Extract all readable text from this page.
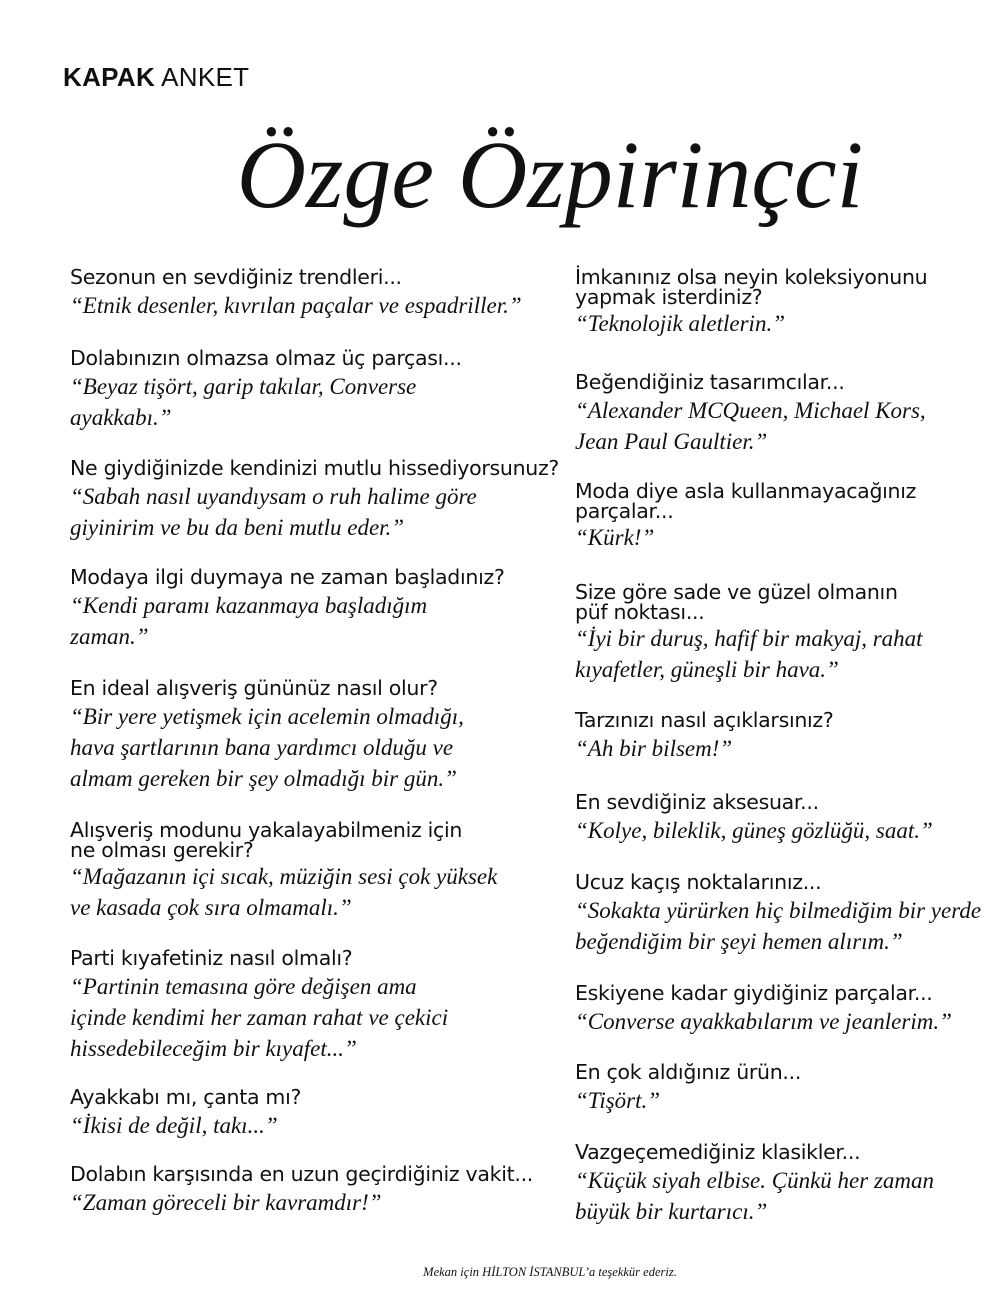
KAPAK ANKET
Özge Özpirinçci
Sezonun en sevdiğiniz trendleri...
“Etnik desenler, kıvrılan paçalar ve espadriller.”
Dolabınızın olmazsa olmaz üç parçası...
“Beyaz tişört, garip takılar, Converse
ayakkabı.”
Ne giydiğinizde kendinizi mutlu hissediyorsunuz?
“Sabah nasıl uyandıysam o ruh halime göre
giyinirim ve bu da beni mutlu eder.”
Modaya ilgi duymaya ne zaman başladınız?
“Kendi paramı kazanmaya başladığım
zaman.”
En ideal alışveriş gününüz nasıl olur?
“Bir yere yetişmek için acelemin olmadığı,
hava şartlarının bana yardımcı olduğu ve
almam gereken bir şey olmadığı bir gün.”
Alışveriş modunu yakalayabilmeniz için ne olması gerekir?
“Mağazanın içi sıcak, müziğin sesi çok yüksek
ve kasada çok sıra olmamalı.”
Parti kıyafetiniz nasıl olmalı?
“Partinin temasına göre değişen ama
içinde kendimi her zaman rahat ve çekici
hissedebileceğim bir kıyafet...”
Ayakkabı mı, çanta mı?
“İkisi de değil, takı...”
Dolabın karşısında en uzun geçirdiğiniz vakit...
“Zaman göreceli bir kavramdır!”
İmkanınız olsa neyin koleksiyonunu yapmak isterdiniz?
“Teknolojik aletlerin.”
Beğendiğiniz tasarımcılar...
“Alexander MCQueen, Michael Kors,
Jean Paul Gaultier.”
Moda diye asla kullanmayacağınız parçalar...
“Kürk!”
Size göre sade ve güzel olmanın püf noktası...
“İyi bir duruş, hafif bir makyaj, rahat
kıyafetler, güneşli bir hava.”
Tarzınızı nasıl açıklarsınız?
“Ah bir bilsem!”
En sevdiğiniz aksesuar...
“Kolye, bileklik, güneş gözlüğü, saat.”
Ucuz kaçış noktalarınız...
“Sokakta yürürken hiç bilmediğim bir yerde
beğendiğim bir şeyi hemen alırım.”
Eskiyene kadar giydiğiniz parçalar...
“Converse ayakkabılarım ve jeanlerim.”
En çok aldığınız ürün...
“Tişört.”
Vazgeçemediğiniz klasikler...
“Küçük siyah elbise. Çünkü her zaman
büyük bir kurtarıcı.”
Mekan için HİLTON İSTANBUL’a teşekkür ederiz.
